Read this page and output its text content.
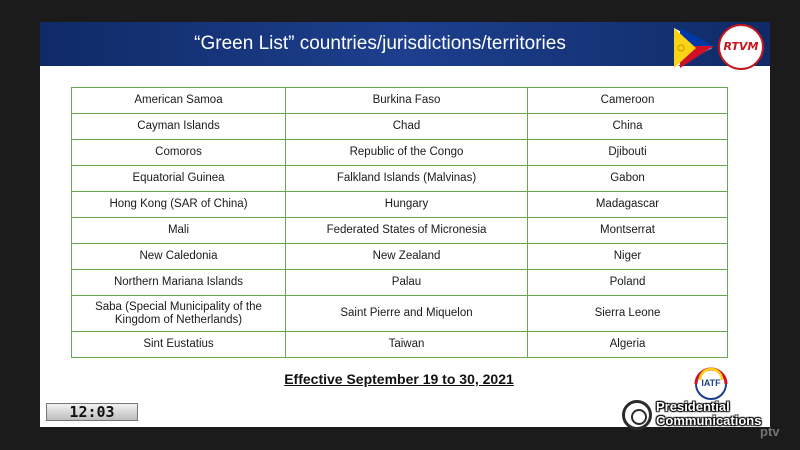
“Green List” countries/jurisdictions/territories	RTVM
American Samoa	Burkina Faso	Cameroon
Cayman Islands	Chad	China
Comoros	Republic of the Congo	Djibouti
Equatorial Guinea	Falkland Islands (Malvinas)	Gabon
Hong Kong (SAR of China)	Hungary	Madagascar
Mali	Federated States of Micronesia	Montserrat
New Caledonia	New Zealand	Niger
Northern Mariana Islands	Palau	Poland
Saba (Special Municipality of the Kingdom of Netherlands)	Saint Pierre and Miquelon	Sierra Leone
Sint Eustatius	Taiwan	Algeria
Effective September 19 to 30, 2021
12:03
IATF
Presidential
Communications
ptv
